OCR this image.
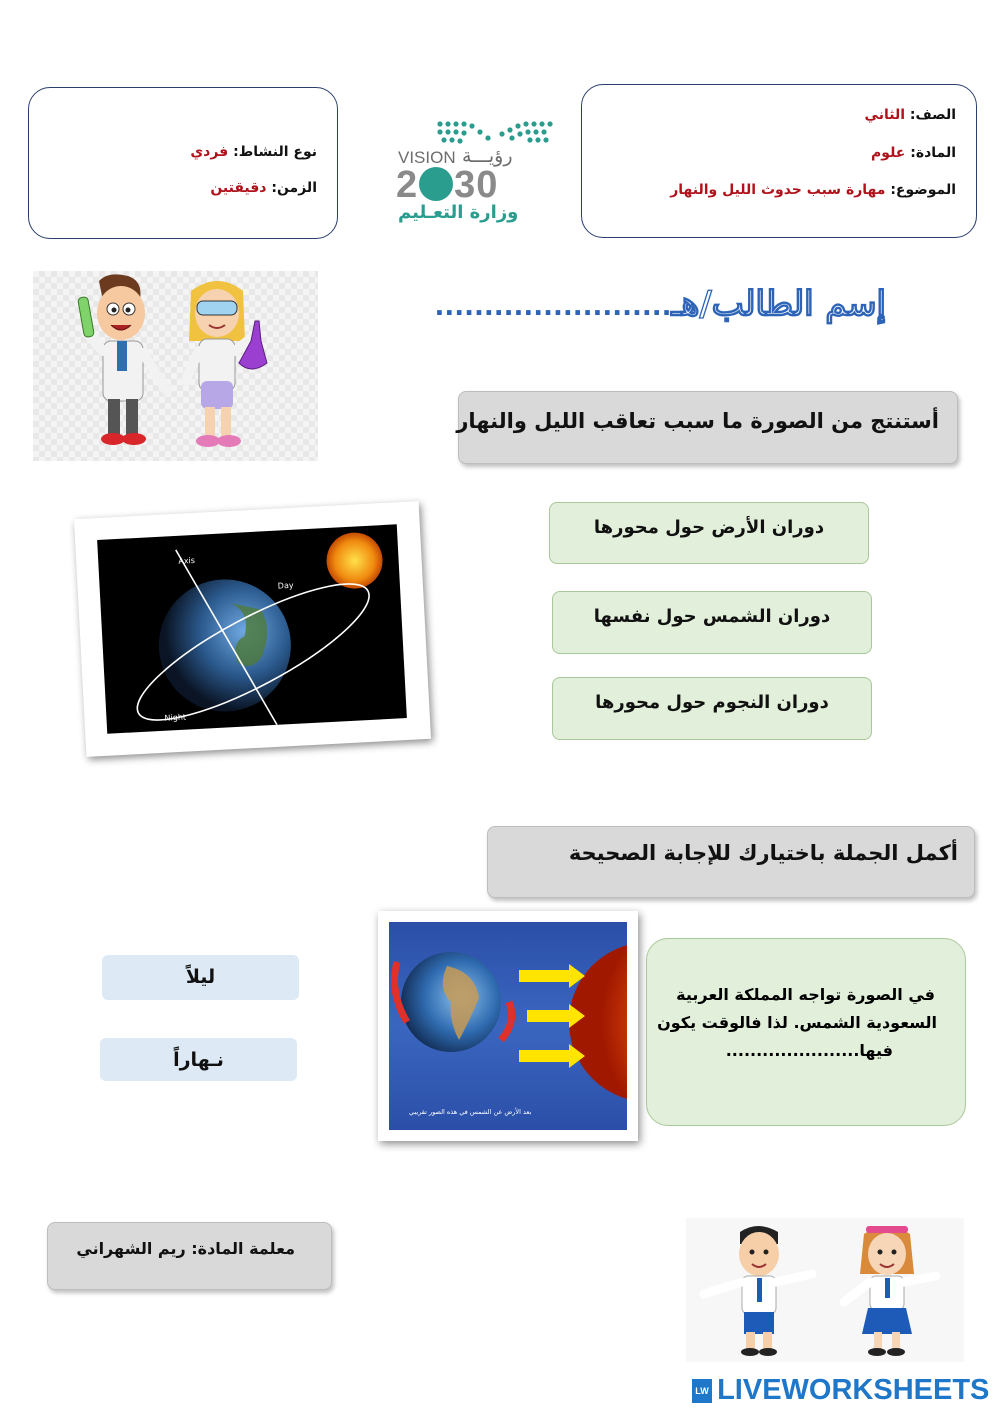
الصف: الثاني
المادة: علوم
الموضوع: مهارة سبب حدوث الليل والنهار
نوع النشاط: فردي
الزمن: دقيقتين
VISION رؤيـــة
2 30
وزارة التعـليم
إسم الطالب/هـ........................
أستنتج من الصورة ما سبب تعاقب الليل والنهار
Axis
Day
Night
دوران الأرض حول محورها
دوران الشمس حول نفسها
دوران النجوم حول محورها
أكمل الجملة باختيارك للإجابة الصحيحة
بعد الأرض عن الشمس في هذه الصور تقريبي
في الصورة تواجه المملكة العربية
السعودية الشمس. لذا فالوقت يكون
فيها......................
ليلاً
نـهاراً
معلمة المادة: ريم الشهراني
LW LIVEWORKSHEETS
